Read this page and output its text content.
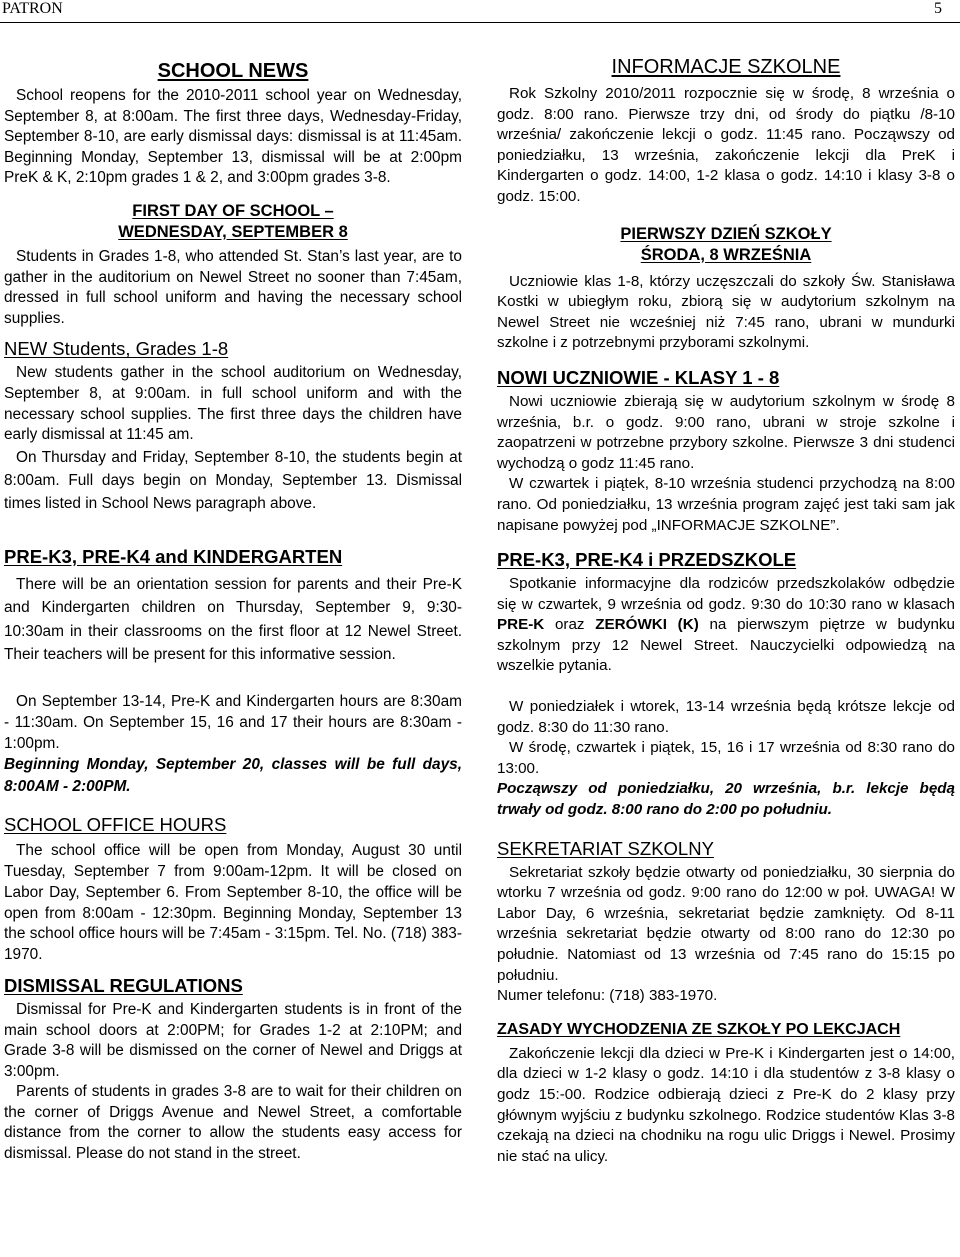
PATRON	5
SCHOOL NEWS

School reopens for the 2010-2011 school year on Wednesday, September 8, at 8:00am. The first three days, Wednesday-Friday, September 8-10, are early dismissal days: dismissal is at 11:45am. Beginning Monday, September 13, dismissal will be at 2:00pm PreK & K, 2:10pm grades 1 & 2, and 3:00pm grades 3-8.

FIRST DAY OF SCHOOL –
WEDNESDAY, SEPTEMBER 8

Students in Grades 1-8, who attended St. Stan’s last year, are to gather in the auditorium on Newel Street no sooner than 7:45am, dressed in full school uniform and having the necessary school supplies.

NEW Students, Grades 1-8

New students gather in the school auditorium on Wednesday, September 8, at 9:00am. in full school uniform and with the necessary school supplies. The first three days the children have early dismissal at 11:45 am.

On Thursday and Friday, September 8-10, the students begin at 8:00am. Full days begin on Monday, September 13. Dismissal times listed in School News paragraph above.

PRE-K3, PRE-K4 and KINDERGARTEN

There will be an orientation session for parents and their Pre-K and Kindergarten children on Thursday, September 9, 9:30-10:30am in their classrooms on the first floor at 12 Newel Street. Their teachers will be present for this informative session.

On September 13-14, Pre-K and Kindergarten hours are 8:30am - 11:30am. On September 15, 16 and 17 their hours are 8:30am - 1:00pm.

Beginning Monday, September 20, classes will be full days, 8:00AM - 2:00PM.

SCHOOL OFFICE HOURS

The school office will be open from Monday, August 30 until Tuesday, September 7 from 9:00am-12pm. It will be closed on Labor Day, September 6. From September 8-10, the office will be open from 8:00am - 12:30pm. Beginning Monday, September 13 the school office hours will be 7:45am - 3:15pm. Tel. No. (718) 383-1970.

DISMISSAL REGULATIONS

Dismissal for Pre-K and Kindergarten students is in front of the main school doors at 2:00PM; for Grades 1-2 at 2:10PM; and Grade 3-8 will be dismissed on the corner of Newel and Driggs at 3:00pm.

Parents of students in grades 3-8 are to wait for their children on the corner of Driggs Avenue and Newel Street, a comfortable distance from the corner to allow the students easy access for dismissal. Please do not stand in the street.

INFORMACJE SZKOLNE

Rok Szkolny 2010/2011 rozpocznie się w środę, 8 września o godz. 8:00 rano. Pierwsze trzy dni, od środy do piątku /8-10 września/ zakończenie lekcji o godz. 11:45 rano. Począwszy od poniedziałku, 13 września, zakończenie lekcji dla PreK i Kindergarten o godz. 14:00, 1-2 klasa o godz. 14:10 i klasy 3-8 o godz. 15:00.

PIERWSZY DZIEŃ SZKOŁY
ŚRODA, 8 WRZEŚNIA

Uczniowie klas 1-8, którzy uczęszczali do szkoły Św. Stanisława Kostki w ubiegłym roku, zbiorą się w audytorium szkolnym na Newel Street nie wcześniej niż 7:45 rano, ubrani w mundurki szkolne i z potrzebnymi przyborami szkolnymi.

NOWI UCZNIOWIE - KLASY 1 - 8

Nowi uczniowie zbierają się w audytorium szkolnym w środę 8 września, b.r. o godz. 9:00 rano, ubrani w stroje szkolne i zaopatrzeni w potrzebne przybory szkolne. Pierwsze 3 dni studenci wychodzą o godz 11:45 rano.

W czwartek i piątek, 8-10 września studenci przychodzą na 8:00 rano. Od poniedziałku, 13 września program zajęć jest taki sam jak napisane powyżej pod „INFORMACJE SZKOLNE”.

PRE-K3, PRE-K4 i PRZEDSZKOLE

Spotkanie informacyjne dla rodziców przedszkolaków odbędzie się w czwartek, 9 września od godz. 9:30 do 10:30 rano w klasach PRE-K oraz ZERÓWKI (K) na pierwszym piętrze w budynku szkolnym przy 12 Newel Street. Nauczycielki odpowiedzą na wszelkie pytania.

W poniedziałek i wtorek, 13-14 września będą krótsze lekcje od godz. 8:30 do 11:30 rano.

W środę, czwartek i piątek, 15, 16 i 17 września od 8:30 rano do 13:00.

Począwszy od poniedziałku, 20 września, b.r. lekcje będą trwały od godz. 8:00 rano do 2:00 po południu.

SEKRETARIAT SZKOLNY

Sekretariat szkoły będzie otwarty od poniedziałku, 30 sierpnia do wtorku 7 września od godz. 9:00 rano do 12:00 w poł. UWAGA! W Labor Day, 6 września, sekretariat będzie zamknięty. Od 8-11 września sekretariat będzie otwarty od 8:00 rano do 12:30 po południe. Natomiast od 13 września od 7:45 rano do 15:15 po południu.

Numer telefonu: (718) 383-1970.

ZASADY WYCHODZENIA ZE SZKOŁY PO LEKCJACH

Zakończenie lekcji dla dzieci w Pre-K i Kindergarten jest o 14:00, dla dzieci w 1-2 klasy o godz. 14:10 i dla studentów z 3-8 klasy o godz 15:-00. Rodzice odbierają dzieci z Pre-K do 2 klasy przy głównym wyjściu z budynku szkolnego. Rodzice studentów Klas 3-8 czekają na dzieci na chodniku na rogu ulic Driggs i Newel. Prosimy nie stać na ulicy.
